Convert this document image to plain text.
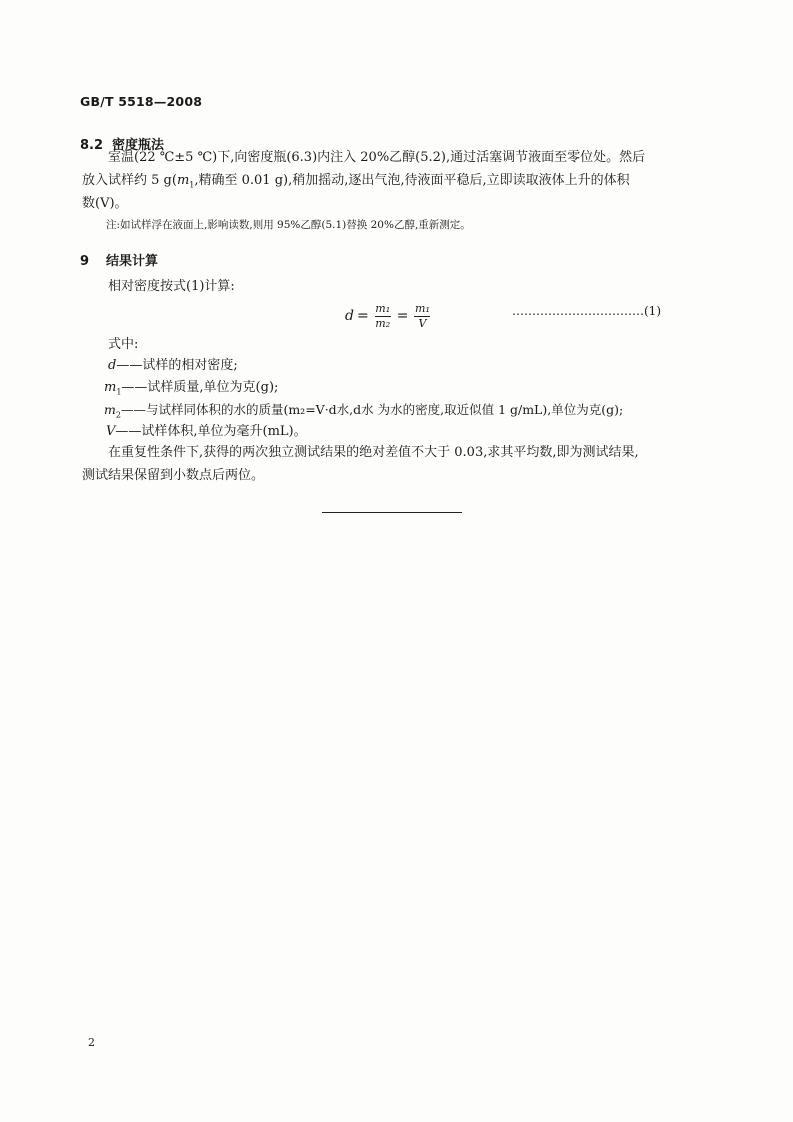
GB/T 5518—2008
8.2 密度瓶法
室温(22 ℃±5 ℃)下,向密度瓶(6.3)内注入 20%乙醇(5.2),通过活塞调节液面至零位处。然后
放入试样约 5 $g(m_1$,精确至 0.01 g),稍加摇动,逐出气泡,待液面平稳后,立即读取液体上升的体积
数(V)。
注:如试样浮在液面上,影响读数,则用 95%乙醇(5.1)替换 20%乙醇,重新测定。
9 结果计算
相对密度按式(1)计算:
$d = \frac{\text{m₁}}{\text{m₂}} = \frac{\text{m₁}}{V}$	……………………………(1)
式中:
d——试样的相对密度;
$m_1——$试样质量,单位为克(g);
$m_2——$与试样同体积的水的质量(m₂=V·d水,d水 为水的密度,取近似值 1 g/mL),单位为克(g);
V——试样体积,单位为毫升(mL)。
在重复性条件下,获得的两次独立测试结果的绝对差值不大于 0.03,求其平均数,即为测试结果,
测试结果保留到小数点后两位。
2
